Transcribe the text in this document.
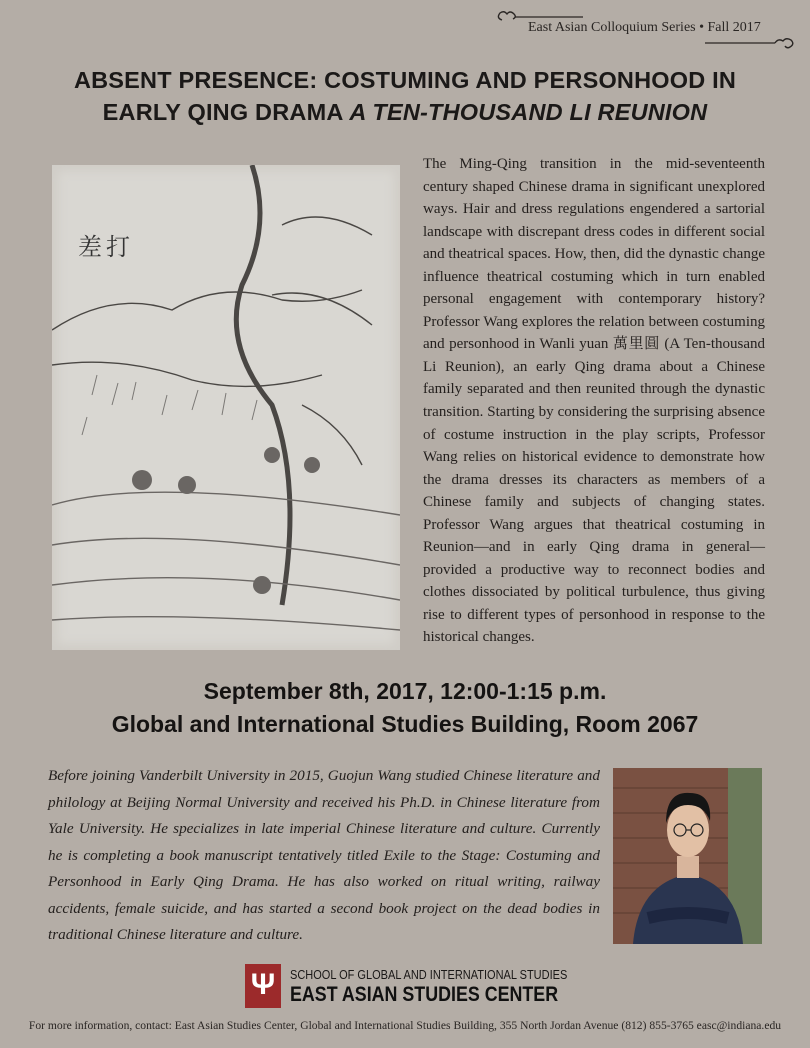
East Asian Colloquium Series • Fall 2017
ABSENT PRESENCE: COSTUMING AND PERSONHOOD IN
EARLY QING DRAMA A TEN-THOUSAND LI REUNION
差打
The Ming-Qing transition in the mid-seventeenth century shaped Chinese drama in significant unexplored ways. Hair and dress regulations engendered a sartorial landscape with discrepant dress codes in different social and theatrical spaces. How, then, did the dynastic change influence theatrical costuming which in turn enabled personal engagement with contemporary history? Professor Wang explores the relation between costuming and personhood in Wanli yuan 萬里圓 (A Ten-thousand Li Reunion), an early Qing drama about a Chinese family separated and then reunited through the dynastic transition. Starting by considering the surprising absence of costume instruction in the play scripts, Professor Wang relies on historical evidence to demonstrate how the drama dresses its characters as members of a Chinese family and subjects of changing states. Professor Wang argues that theatrical costuming in Reunion—and in early Qing drama in general— provided a productive way to reconnect bodies and clothes dissociated by political turbulence, thus giving rise to different types of personhood in response to the historical changes.
September 8th, 2017, 12:00-1:15 p.m.
Global and International Studies Building, Room 2067
Before joining Vanderbilt University in 2015, Guojun Wang studied Chinese literature and philology at Beijing Normal University and received his Ph.D. in Chinese literature from Yale University. He specializes in late imperial Chinese literature and culture. Currently he is completing a book manuscript tentatively titled Exile to the Stage: Costuming and Personhood in Early Qing Drama. He has also worked on ritual writing, railway accidents, female suicide, and has started a second book project on the dead bodies in traditional Chinese literature and culture.
Ψ	SCHOOL OF GLOBAL AND INTERNATIONAL STUDIES
EAST ASIAN STUDIES CENTER
For more information, contact: East Asian Studies Center, Global and International Studies Building, 355 North Jordan Avenue (812) 855-3765 easc@indiana.edu
